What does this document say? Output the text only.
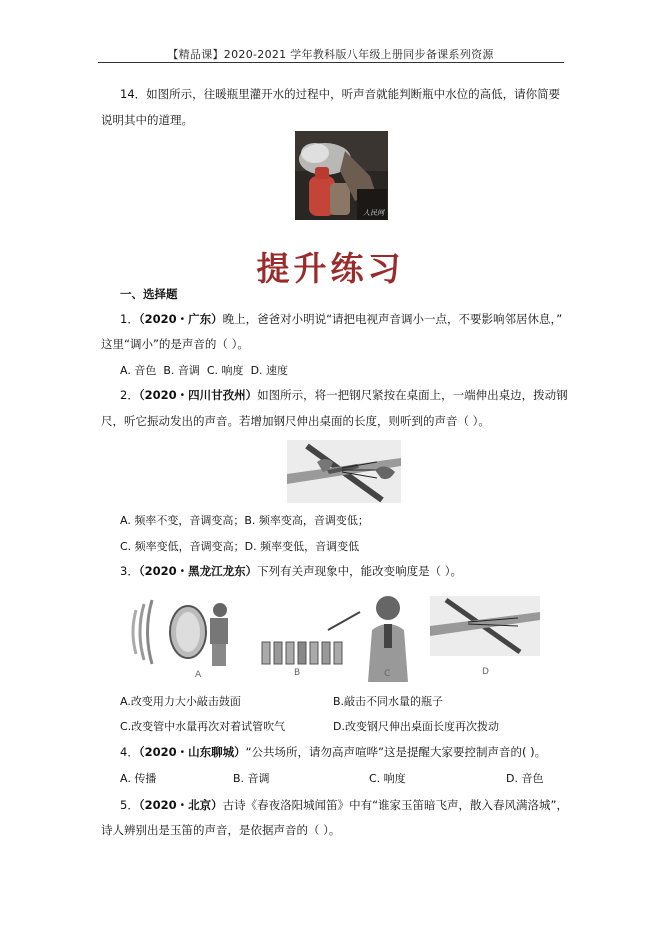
【精品课】2020-2021 学年教科版八年级上册同步备课系列资源
14．如图所示，往暖瓶里灌开水的过程中，听声音就能判断瓶中水位的高低，请你简要
说明其中的道理。
人民网
提升练习
一、选择题
1．（2020・广东）晚上，爸爸对小明说“请把电视声音调小一点，不要影响邻居休息，”
这里“调小”的是声音的（ ）。
A. 音色 B. 音调 C. 响度 D. 速度
2．（2020・四川甘孜州）如图所示，将一把钢尺紧按在桌面上，一端伸出桌边，拨动钢
尺，听它振动发出的声音。若增加钢尺伸出桌面的长度，则听到的声音（ ）。
A. 频率不变，音调变高；B. 频率变高，音调变低；
C. 频率变低，音调变高；D. 频率变低，音调变低
3．（2020・黑龙江龙东）下列有关声现象中，能改变响度是（ ）。
A	B	C	D
A.改变用力大小敲击鼓面	B.敲击不同水量的瓶子
C.改变管中水量再次对着试管吹气	D.改变钢尺伸出桌面长度再次拨动
4．（2020・山东聊城）“公共场所，请勿高声喧哗”这是提醒大家要控制声音的( )。
A. 传播	B. 音调	C. 响度	D. 音色
5．（2020・北京）古诗《春夜洛阳城闻笛》中有“谁家玉笛暗飞声，散入春风满洛城”，
诗人辨别出是玉笛的声音，是依据声音的（ ）。
